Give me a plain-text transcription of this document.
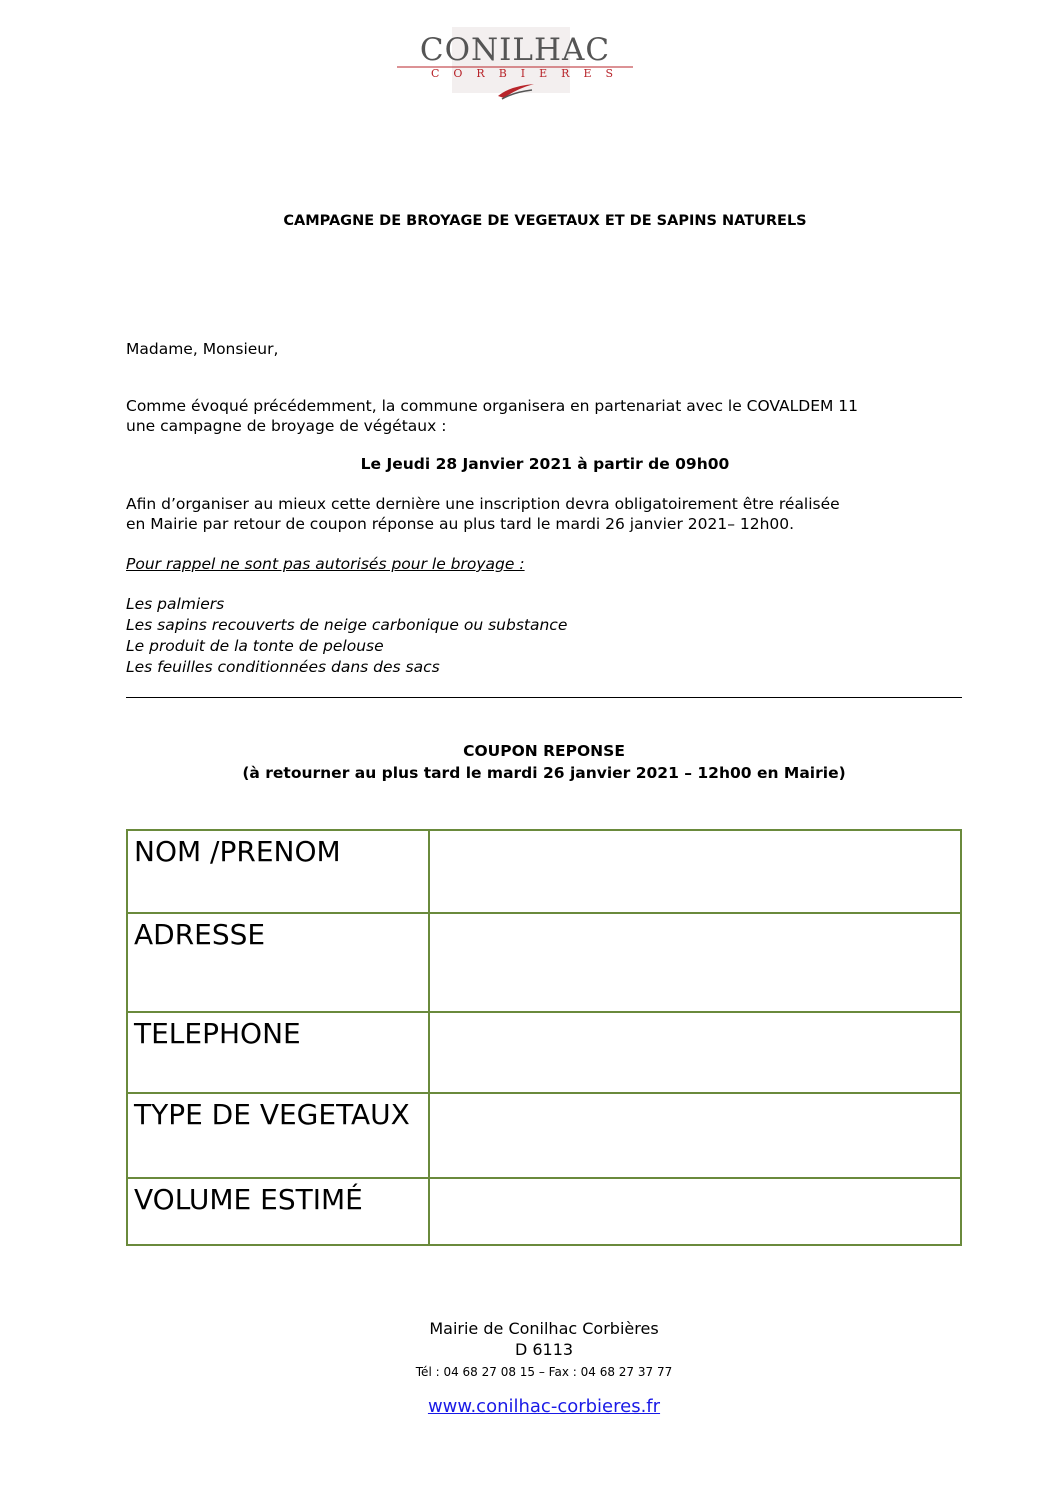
CONILHAC
CORBIERES
CAMPAGNE DE BROYAGE DE VEGETAUX ET DE SAPINS NATURELS
Madame, Monsieur,
Comme évoqué précédemment, la commune organisera en partenariat avec le COVALDEM 11
une campagne de broyage de végétaux :
Le Jeudi 28 Janvier 2021 à partir de 09h00
Afin d’organiser au mieux cette dernière une inscription devra obligatoirement être réalisée
en Mairie par retour de coupon réponse au plus tard le mardi 26 janvier 2021– 12h00.
Pour rappel ne sont pas autorisés pour le broyage :
Les palmiers
Les sapins recouverts de neige carbonique ou substance
Le produit de la tonte de pelouse
Les feuilles conditionnées dans des sacs
COUPON REPONSE
(à retourner au plus tard le mardi 26 janvier 2021 – 12h00 en Mairie)
NOM /PRENOM	
ADRESSE	
TELEPHONE	
TYPE DE VEGETAUX	
VOLUME ESTIMÉ	
Mairie de Conilhac Corbières
D 6113
Tél : 04 68 27 08 15 – Fax : 04 68 27 37 77
www.conilhac-corbieres.fr
